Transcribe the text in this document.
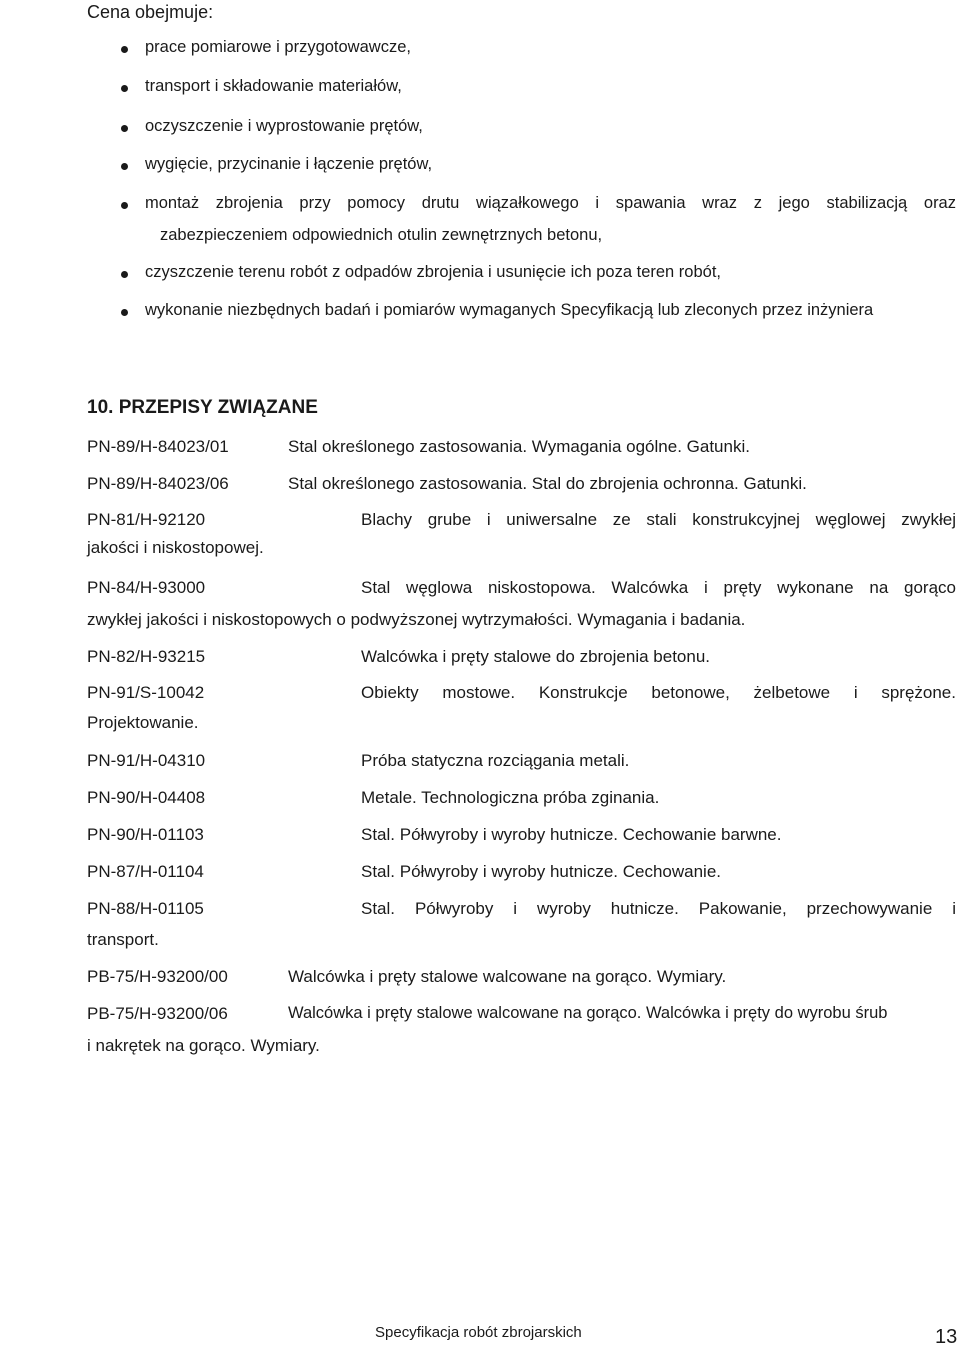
Cena obejmuje:
prace pomiarowe i przygotowawcze,
transport i składowanie materiałów,
oczyszczenie i wyprostowanie prętów,
wygięcie, przycinanie i łączenie prętów,
montaż zbrojenia przy pomocy drutu wiązałkowego i spawania wraz z jego stabilizacją oraz
zabezpieczeniem odpowiednich otulin zewnętrznych betonu,
czyszczenie terenu robót z odpadów zbrojenia i usunięcie ich poza teren robót,
wykonanie niezbędnych badań i pomiarów wymaganych Specyfikacją lub zleconych przez inżyniera
10. PRZEPISY ZWIĄZANE
PN-89/H-84023/01	Stal określonego zastosowania. Wymagania ogólne. Gatunki.
PN-89/H-84023/06	Stal określonego zastosowania. Stal do zbrojenia ochronna. Gatunki.
PN-81/H-92120	Blachy grube i uniwersalne ze stali konstrukcyjnej węglowej zwykłej
jakości i niskostopowej.
PN-84/H-93000	Stal węglowa niskostopowa. Walcówka i pręty wykonane na gorąco
zwykłej jakości i niskostopowych o podwyższonej wytrzymałości. Wymagania i badania.
PN-82/H-93215	Walcówka i pręty stalowe do zbrojenia betonu.
PN-91/S-10042	Obiekty mostowe. Konstrukcje betonowe, żelbetowe i sprężone.
Projektowanie.
PN-91/H-04310	Próba statyczna rozciągania metali.
PN-90/H-04408	Metale. Technologiczna próba zginania.
PN-90/H-01103	Stal. Półwyroby i wyroby hutnicze. Cechowanie barwne.
PN-87/H-01104	Stal. Półwyroby i wyroby hutnicze. Cechowanie.
PN-88/H-01105	Stal. Półwyroby i wyroby hutnicze. Pakowanie, przechowywanie i
transport.
PB-75/H-93200/00	Walcówka i pręty stalowe walcowane na gorąco. Wymiary.
PB-75/H-93200/06	Walcówka i pręty stalowe walcowane na gorąco. Walcówka i pręty do wyrobu śrub
i nakrętek na gorąco. Wymiary.
Specyfikacja robót zbrojarskich	13
